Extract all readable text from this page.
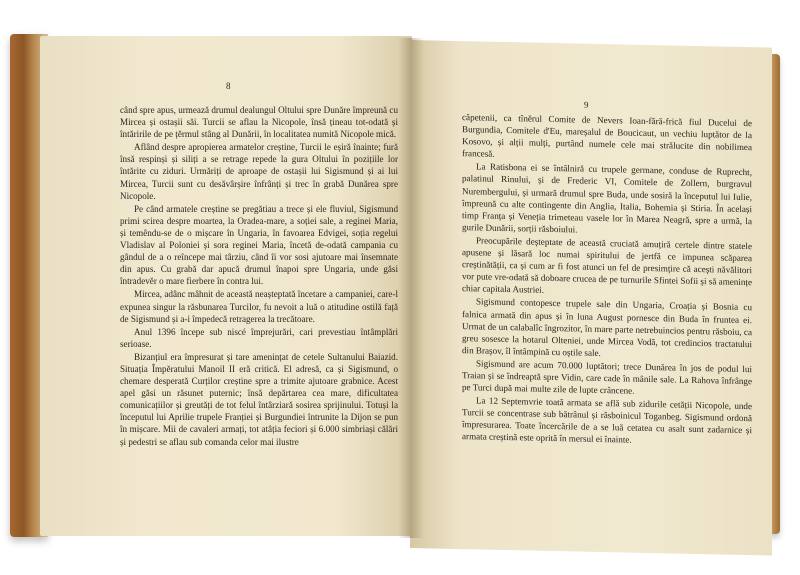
8

când spre apus, urmează drumul dealungul Oltului spre Dunăre împreună cu Mircea și ostașii săi. Turcii se aflau la Nicopole, însă țineau tot-odată și întăririle de pe țĕrmul stâng al Dunării, în localitatea numită Nicopole mică.

Aflând despre apropierea armatelor creștine, Turcii le eșiră înainte; fură însă respinși și siliți a se retrage repede la gura Oltului în pozițiile lor întărite cu ziduri. Urmăriți de aproape de ostașii lui Sigismund și ai lui Mircea, Turcii sunt cu desăvârșire înfrânți și trec în grabă Dunărea spre Nicopole.

Pe când armatele creștine se pregătiau a trece și ele fluviul, Sigismund primi scirea despre moartea, la Oradea-mare, a soției sale, a reginei Maria, și temêndu-se de o mișcare în Ungaria, în favoarea Edvigei, soția regelui Vladislav al Poloniei și sora reginei Maria, încetă de-odată campania cu gândul de a o reîncepe mai târziu, când îi vor sosi ajutoare mai însemnate din apus. Cu grabă dar apucă drumul înapoi spre Ungaria, unde găsi întradevĕr o mare fierbere în contra lui.

Mircea, adânc mâhnit de această neașteptată încetare a campaniei, care-l expunea singur la răsbunarea Turcilor, fu nevoit a luă o atitudine ostilă față de Sigismund și a-i împedecă retragerea la trecătoare.

Anul 1396 începe sub niscé împrejurări, cari prevestiau întâmplări serioase.

Bizanțiul era împresurat și tare amenințat de cetele Sultanului Baiazid. Situația Împĕratului Manoil II eră critică. El adresă, ca și Sigismund, o chemare desperată Curților creștine spre a trimite ajutoare grabnice. Acest apel găsi un răsunet puternic; însă depărtarea cea mare, dificultatea comunicațiilor și greutăți de tot felul întârziară sosirea sprijinului. Totuși la începutul lui Aprilie trupele Franției și Burgundiei întrunite la Dijon se pun în mișcare. Mii de cavaleri armați, tot atâția feciori și 6.000 simbriași călări și pedestri se aflau sub comanda celor mai ilustre

9

căpetenii, ca tînĕrul Comite de Nevers Ioan-fără-frică fiul Ducelui de Burgundia, Comitele d'Eu, mareșalul de Boucicaut, un vechiu luptător de la Kosovo, și alții mulți, purtând numele cele mai strălucite din nobilimea francesă.

La Ratisbona ei se întâlniră cu trupele germane, conduse de Ruprecht, palatinul Rinului, și de Frederic VI, Comitele de Zollern, burgravul Nurembergului, și urmară drumul spre Buda, unde sosiră la începutul lui Iulie, împreună cu alte contingente din Anglia, Italia, Bohemia și Stiria. În același timp Franța și Veneția trimeteau vasele lor în Marea Neagră, spre a urmă, la gurile Dunării, sorții răsboiului.

Preocupările deșteptate de această cruciată amuțiră certele dintre statele apusene și lăsară loc numai spiritului de jertfă ce impunea scăparea creștinătății, ca și cum ar fi fost atunci un fel de presimțire că acești năvălitori vor pute vre-odată să doboare crucea de pe turnurile Sfintei Sofii și să amenințe chiar capitala Austriei.

Sigismund contopesce trupele sale din Ungaria, Croația și Bosnia cu falnica armată din apus și în luna August pornesce din Buda în fruntea ei. Urmat de un calabalîc îngrozitor, în mare parte netrebuincios pentru răsboiu, ca greu sosesce la hotarul Olteniei, unde Mircea Vodă, tot credincios tractatului din Brașov, îl întâmpină cu oștile sale.

Sigismund are acum 70.000 luptători; trece Dunărea în jos de podul lui Traian și se îndreaptă spre Vidin, care cade în mânile sale. La Rahova înfrânge pe Turci după mai multe zile de lupte crâncene.

La 12 Septemvrie toată armata se află sub zidurile cetății Nicopole, unde Turcii se concentrase sub bătrânul și răsboinicul Toganbeg. Sigismund ordonă împresurarea. Toate încercările de a se luă cetatea cu asalt sunt zadarnice și armata creștină este oprită în mersul ei înainte.
